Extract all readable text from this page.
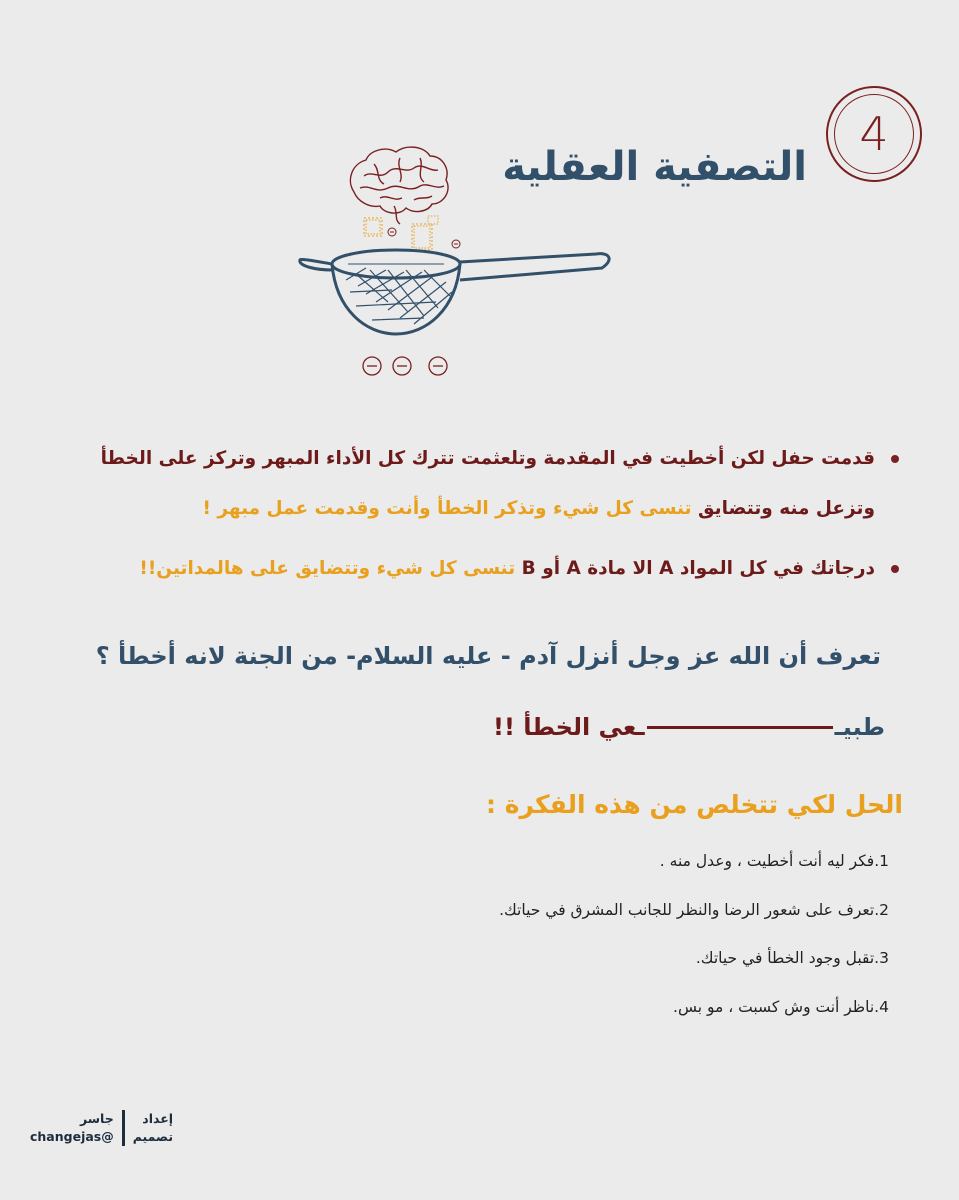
4
التصفية العقلية
قدمت حفل لكن أخطيت في المقدمة وتلعثمت تترك كل الأداء المبهر وتركز على الخطأ
وتزعل منه وتتضايق تنسى كل شيء وتذكر الخطأ وأنت وقدمت عمل مبهر !
درجاتك في كل المواد A الا مادة A أو B تنسى كل شيء وتتضايق على هالمداتين!!
تعرف أن الله عز وجل أنزل آدم - عليه السلام- من الجنة لانه أخطأ ؟
طبيـ
ـعي الخطأ !!
الحل لكي تتخلص من هذه الفكرة :
1.فكر ليه أنت أخطيت ، وعدل منه .
2.تعرف على شعور الرضا والنظر للجانب المشرق في حياتك.
3.تقبل وجود الخطأ في حياتك.
4.ناظر أنت وش كسبت ، مو بس.
جاسر
@changejas
إعداد
تصميم
